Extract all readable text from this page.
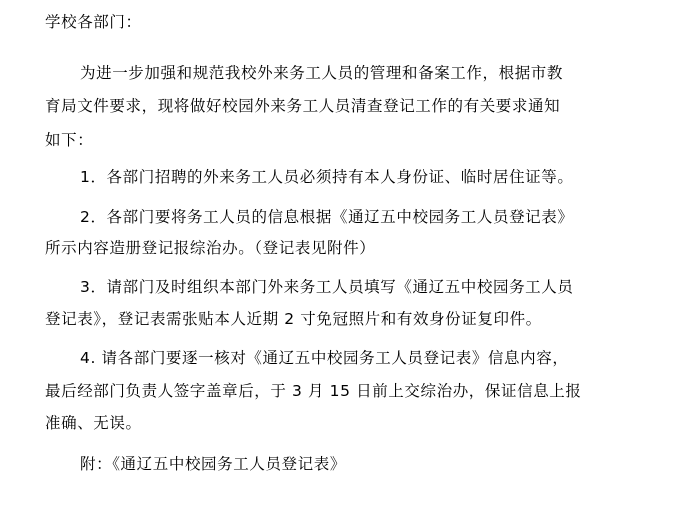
学校各部门：
为进一步加强和规范我校外来务工人员的管理和备案工作，根据市教
育局文件要求，现将做好校园外来务工人员清查登记工作的有关要求通知
如下：
1．各部门招聘的外来务工人员必须持有本人身份证、临时居住证等。
2．各部门要将务工人员的信息根据《通辽五中校园务工人员登记表》
所示内容造册登记报综治办。（登记表见附件）
3．请部门及时组织本部门外来务工人员填写《通辽五中校园务工人员
登记表》，登记表需张贴本人近期 2 寸免冠照片和有效身份证复印件。
4. 请各部门要逐一核对《通辽五中校园务工人员登记表》信息内容，
最后经部门负责人签字盖章后，于 3 月 15 日前上交综治办，保证信息上报
准确、无误。
附：《通辽五中校园务工人员登记表》
